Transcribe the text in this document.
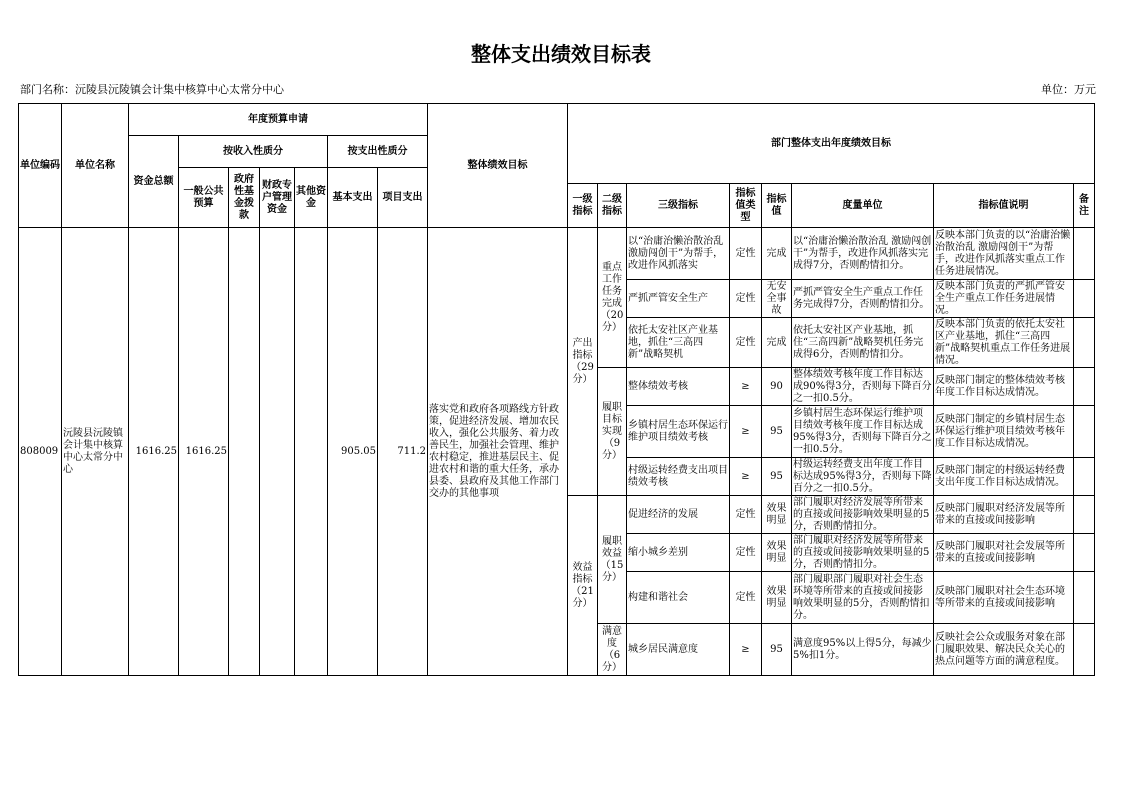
整体支出绩效目标表
部门名称：沅陵县沅陵镇会计集中核算中心太常分中心	单位：万元
单位编码	单位名称	年度预算申请							整体绩效目标	部门整体支出年度绩效目标							
		资金总额	按收入性质分				按支出性质分										
			一般公共预算	政府性基金拨款	财政专户管理资金	其他资金	基本支出	项目支出									
										一级指标	二级指标	三级指标	指标值类型	指标值	度量单位	指标值说明	备注
808009	沅陵县沅陵镇会计集中核算中心太常分中心	1616.25	1616.25				905.05	711.2	落实党和政府各项路线方针政策，促进经济发展、增加农民收入，强化公共服务、着力改善民生，加强社会管理、维护农村稳定，推进基层民主、促进农村和谐的重大任务，承办县委、县政府及其他工作部门交办的其他事项	产出指标（29分）	重点工作任务完成（20分）	以“治庸治懒治散治乱 激励闯创干”为帮手，改进作风抓落实	定性	完成	以“治庸治懒治散治乱 激励闯创干”为帮手，改进作风抓落实完成得7分，否则酌情扣分。	反映本部门负责的以“治庸治懒治散治乱 激励闯创干”为帮手，改进作风抓落实重点工作任务进展情况。	
												严抓严管安全生产	定性	无安全事故	严抓严管安全生产重点工作任务完成得7分，否则酌情扣分。	反映本部门负责的严抓严管安全生产重点工作任务进展情况。	
												依托太安社区产业基地，抓住“三高四新”战略契机	定性	完成	依托太安社区产业基地，抓住“三高四新”战略契机任务完成得6分，否则酌情扣分。	反映本部门负责的依托太安社区产业基地，抓住“三高四新”战略契机重点工作任务进展情况。	
											履职目标实现（9分）	整体绩效考核	≥	90	整体绩效考核年度工作目标达成90%得3分，否则每下降百分之一扣0.5分。	反映部门制定的整体绩效考核年度工作目标达成情况。	
												乡镇村居生态环保运行维护项目绩效考核	≥	95	乡镇村居生态环保运行维护项目绩效考核年度工作目标达成95%得3分，否则每下降百分之一扣0.5分。	反映部门制定的乡镇村居生态环保运行维护项目绩效考核年度工作目标达成情况。	
												村级运转经费支出项目绩效考核	≥	95	村级运转经费支出年度工作目标达成95%得3分，否则每下降百分之一扣0.5分。	反映部门制定的村级运转经费支出年度工作目标达成情况。	
										效益指标（21分）	履职效益（15分）	促进经济的发展	定性	效果明显	部门履职对经济发展等所带来的直接或间接影响效果明显的5分，否则酌情扣分。	反映部门履职对经济发展等所带来的直接或间接影响	
												缩小城乡差别	定性	效果明显	部门履职对经济发展等所带来的直接或间接影响效果明显的5分，否则酌情扣分。	反映部门履职对社会发展等所带来的直接或间接影响	
												构建和谐社会	定性	效果明显	部门履职部门履职对社会生态环境等所带来的直接或间接影响效果明显的5分，否则酌情扣分。	反映部门履职对社会生态环境等所带来的直接或间接影响	
											满意度（6分）	城乡居民满意度	≥	95	满意度95%以上得5分，每减少5%扣1分。	反映社会公众或服务对象在部门履职效果、解决民众关心的热点问题等方面的满意程度。	
